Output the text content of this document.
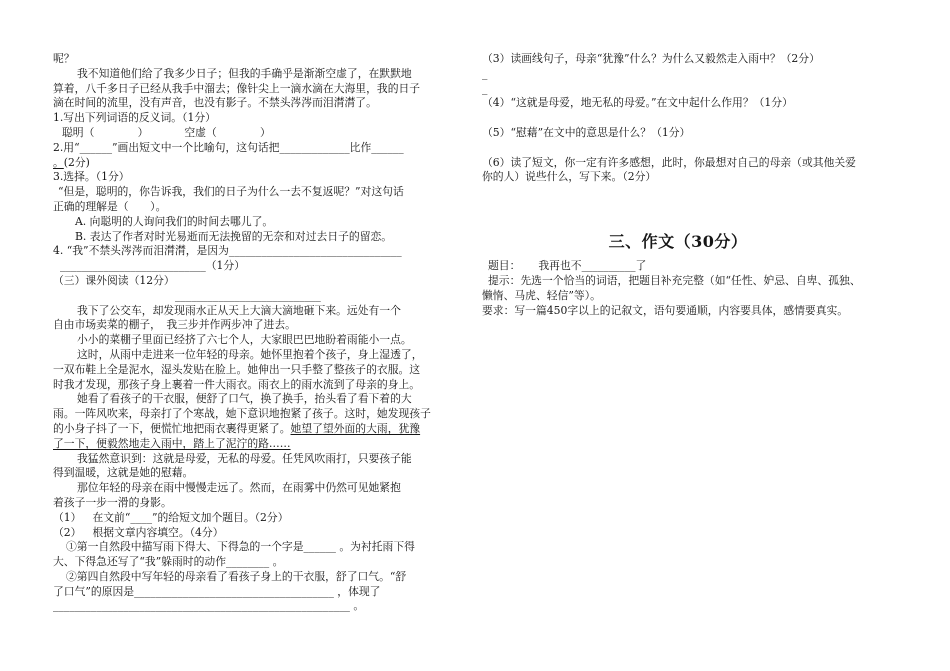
呢？
我不知道他们给了我多少日子；但我的手确乎是渐渐空虚了，在默默地
算着，八千多日子已经从我手中溜去；像针尖上一滴水滴在大海里，我的日子
滴在时间的流里，没有声音，也没有影子。不禁头涔涔而泪潸潸了。
1.写出下列词语的反义词。（1分）
聪明（　　　　）	空虚（　　　　）
2.用“______”画出短文中一个比喻句，这句话把_____________比作______
。(2分)
3.选择。（1分）
“但是，聪明的，你告诉我，我们的日子为什么一去不复返呢？”对这句话
正确的理解是（　　）。
A. 向聪明的人询问我们的时间去哪儿了。
B. 表达了作者对时光易逝而无法挽留的无奈和对过去日子的留恋。
4. “我”不禁头涔涔而泪潸潸，是因为________________________________
___________________________（1分）
（三）课外阅读（12分）
___________________________
我下了公交车，却发现雨水正从天上大滴大滴地砸下来。远处有一个
自由市场卖菜的棚子，　我三步并作两步冲了进去。
小小的菜棚子里面已经挤了六七个人，大家眼巴巴地盼着雨能小一点。
这时，从雨中走进来一位年轻的母亲。她怀里抱着个孩子，身上湿透了，
一双布鞋上全是泥水，湿头发贴在脸上。她伸出一只手整了整孩子的衣服。这
时我才发现，那孩子身上裹着一件大雨衣。雨衣上的雨水流到了母亲的身上。
她看了看孩子的干衣服，便舒了口气，换了换手，抬头看了看下着的大
雨。一阵风吹来，母亲打了个寒战，她下意识地抱紧了孩子。这时，她发现孩子
的小身子抖了一下，便慌忙地把雨衣裹得更紧了。她望了望外面的大雨，犹豫
了一下，便毅然地走入雨中，踏上了泥泞的路……
我猛然意识到：这就是母爱，无私的母爱。任凭风吹雨打，只要孩子能
得到温暖，这就是她的慰藉。
那位年轻的母亲在雨中慢慢走远了。然而，在雨雾中仍然可见她紧抱
着孩子一步一滑的身影。
（1） 在文前“____”的给短文加个题目。（2分）
（2） 根据文章内容填空。（4分）
①第一自然段中描写雨下得大、下得急的一个字是______ 。为衬托雨下得
大、下得急还写了“我”躲雨时的动作________ 。
②第四自然段中写年轻的母亲看了看孩子身上的干衣服，舒了口气。“舒
了口气”的原因是_____________________________________ ，体现了
_______________________________________________________ 。
（3）读画线句子，母亲“犹豫”什么？为什么又毅然走入雨中？（2分）
_
_
（4）“这就是母爱，地无私的母爱。”在文中起什么作用？（1分）
（5）“慰藉”在文中的意思是什么？（1分）
（6）读了短文，你一定有许多感想，此时，你最想对自己的母亲（或其他关爱
你的人）说些什么，写下来。（2分）
三、作文（30分）
题目： 我再也不__________了
提示：先选一个恰当的词语，把题目补充完整（如“任性、妒忌、自卑、孤独、
懒惰、马虎、轻信”等）。
要求：写一篇450字以上的记叙文，语句要通顺，内容要具体，感情要真实。
